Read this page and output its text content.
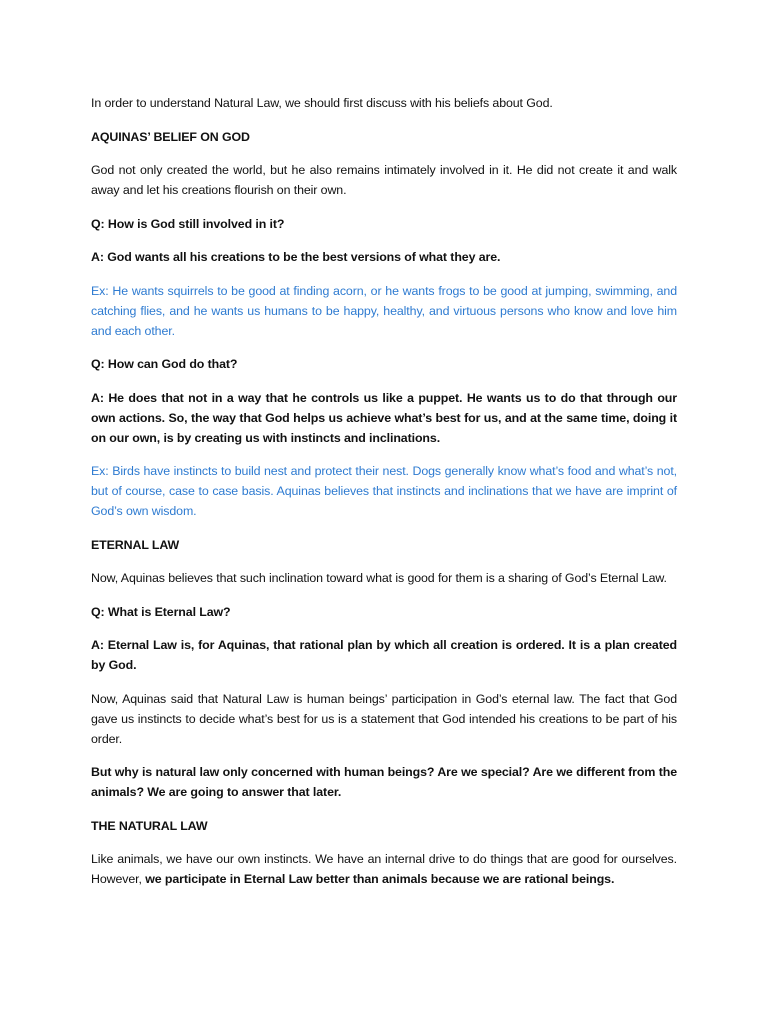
In order to understand Natural Law, we should first discuss with his beliefs about God.

AQUINAS’ BELIEF ON GOD

God not only created the world, but he also remains intimately involved in it. He did not create it and walk away and let his creations flourish on their own.

Q: How is God still involved in it?

A: God wants all his creations to be the best versions of what they are.

Ex: He wants squirrels to be good at finding acorn, or he wants frogs to be good at jumping, swimming, and catching flies, and he wants us humans to be happy, healthy, and virtuous persons who know and love him and each other.

Q: How can God do that?

A: He does that not in a way that he controls us like a puppet. He wants us to do that through our own actions. So, the way that God helps us achieve what’s best for us, and at the same time, doing it on our own, is by creating us with instincts and inclinations.

Ex: Birds have instincts to build nest and protect their nest. Dogs generally know what’s food and what’s not, but of course, case to case basis. Aquinas believes that instincts and inclinations that we have are imprint of God’s own wisdom.

ETERNAL LAW

Now, Aquinas believes that such inclination toward what is good for them is a sharing of God’s Eternal Law.

Q: What is Eternal Law?

A: Eternal Law is, for Aquinas, that rational plan by which all creation is ordered. It is a plan created by God.

Now, Aquinas said that Natural Law is human beings’ participation in God’s eternal law. The fact that God gave us instincts to decide what’s best for us is a statement that God intended his creations to be part of his order.

But why is natural law only concerned with human beings? Are we special? Are we different from the animals? We are going to answer that later.

THE NATURAL LAW

Like animals, we have our own instincts. We have an internal drive to do things that are good for ourselves. However, we participate in Eternal Law better than animals because we are rational beings.
